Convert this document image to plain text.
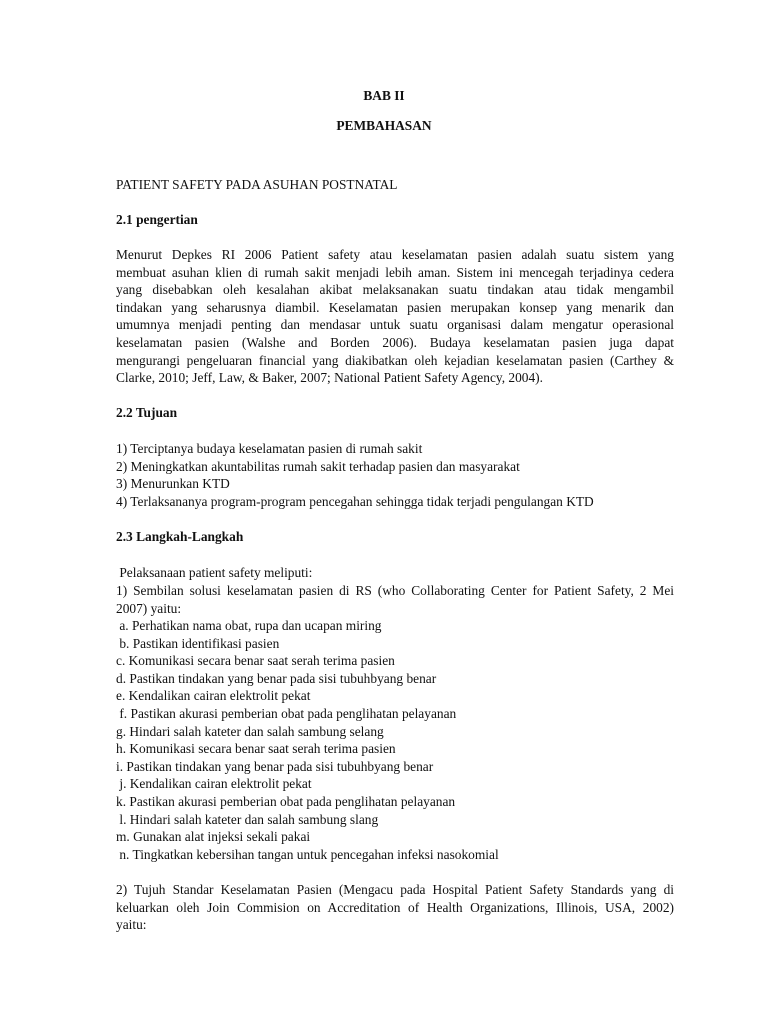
BAB II
PEMBAHASAN
PATIENT SAFETY PADA ASUHAN POSTNATAL
2.1 pengertian
Menurut Depkes RI 2006 Patient safety atau keselamatan pasien adalah suatu sistem yang
membuat asuhan klien di rumah sakit menjadi lebih aman. Sistem ini mencegah terjadinya cedera
yang disebabkan oleh kesalahan akibat melaksanakan suatu tindakan atau tidak mengambil
tindakan yang seharusnya diambil. Keselamatan pasien merupakan konsep yang menarik dan
umumnya menjadi penting dan mendasar untuk suatu organisasi dalam mengatur operasional
keselamatan pasien (Walshe and Borden 2006). Budaya keselamatan pasien juga dapat
mengurangi pengeluaran financial yang diakibatkan oleh kejadian keselamatan pasien (Carthey &
Clarke, 2010; Jeff, Law, & Baker, 2007; National Patient Safety Agency, 2004).
2.2 Tujuan
1) Terciptanya budaya keselamatan pasien di rumah sakit
2) Meningkatkan akuntabilitas rumah sakit terhadap pasien dan masyarakat
3) Menurunkan KTD
4) Terlaksananya program-program pencegahan sehingga tidak terjadi pengulangan KTD
2.3 Langkah-Langkah
Pelaksanaan patient safety meliputi:
1) Sembilan solusi keselamatan pasien di RS (who Collaborating Center for Patient Safety, 2 Mei
2007) yaitu:
a. Perhatikan nama obat, rupa dan ucapan miring
b. Pastikan identifikasi pasien
c. Komunikasi secara benar saat serah terima pasien
d. Pastikan tindakan yang benar pada sisi tubuhbyang benar
e. Kendalikan cairan elektrolit pekat
f. Pastikan akurasi pemberian obat pada penglihatan pelayanan
g. Hindari salah kateter dan salah sambung selang
h. Komunikasi secara benar saat serah terima pasien
i. Pastikan tindakan yang benar pada sisi tubuhbyang benar
j. Kendalikan cairan elektrolit pekat
k. Pastikan akurasi pemberian obat pada penglihatan pelayanan
l. Hindari salah kateter dan salah sambung slang
m. Gunakan alat injeksi sekali pakai
n. Tingkatkan kebersihan tangan untuk pencegahan infeksi nasokomial
2) Tujuh Standar Keselamatan Pasien (Mengacu pada Hospital Patient Safety Standards yang di
keluarkan oleh Join Commision on Accreditation of Health Organizations, Illinois, USA, 2002)
yaitu:
